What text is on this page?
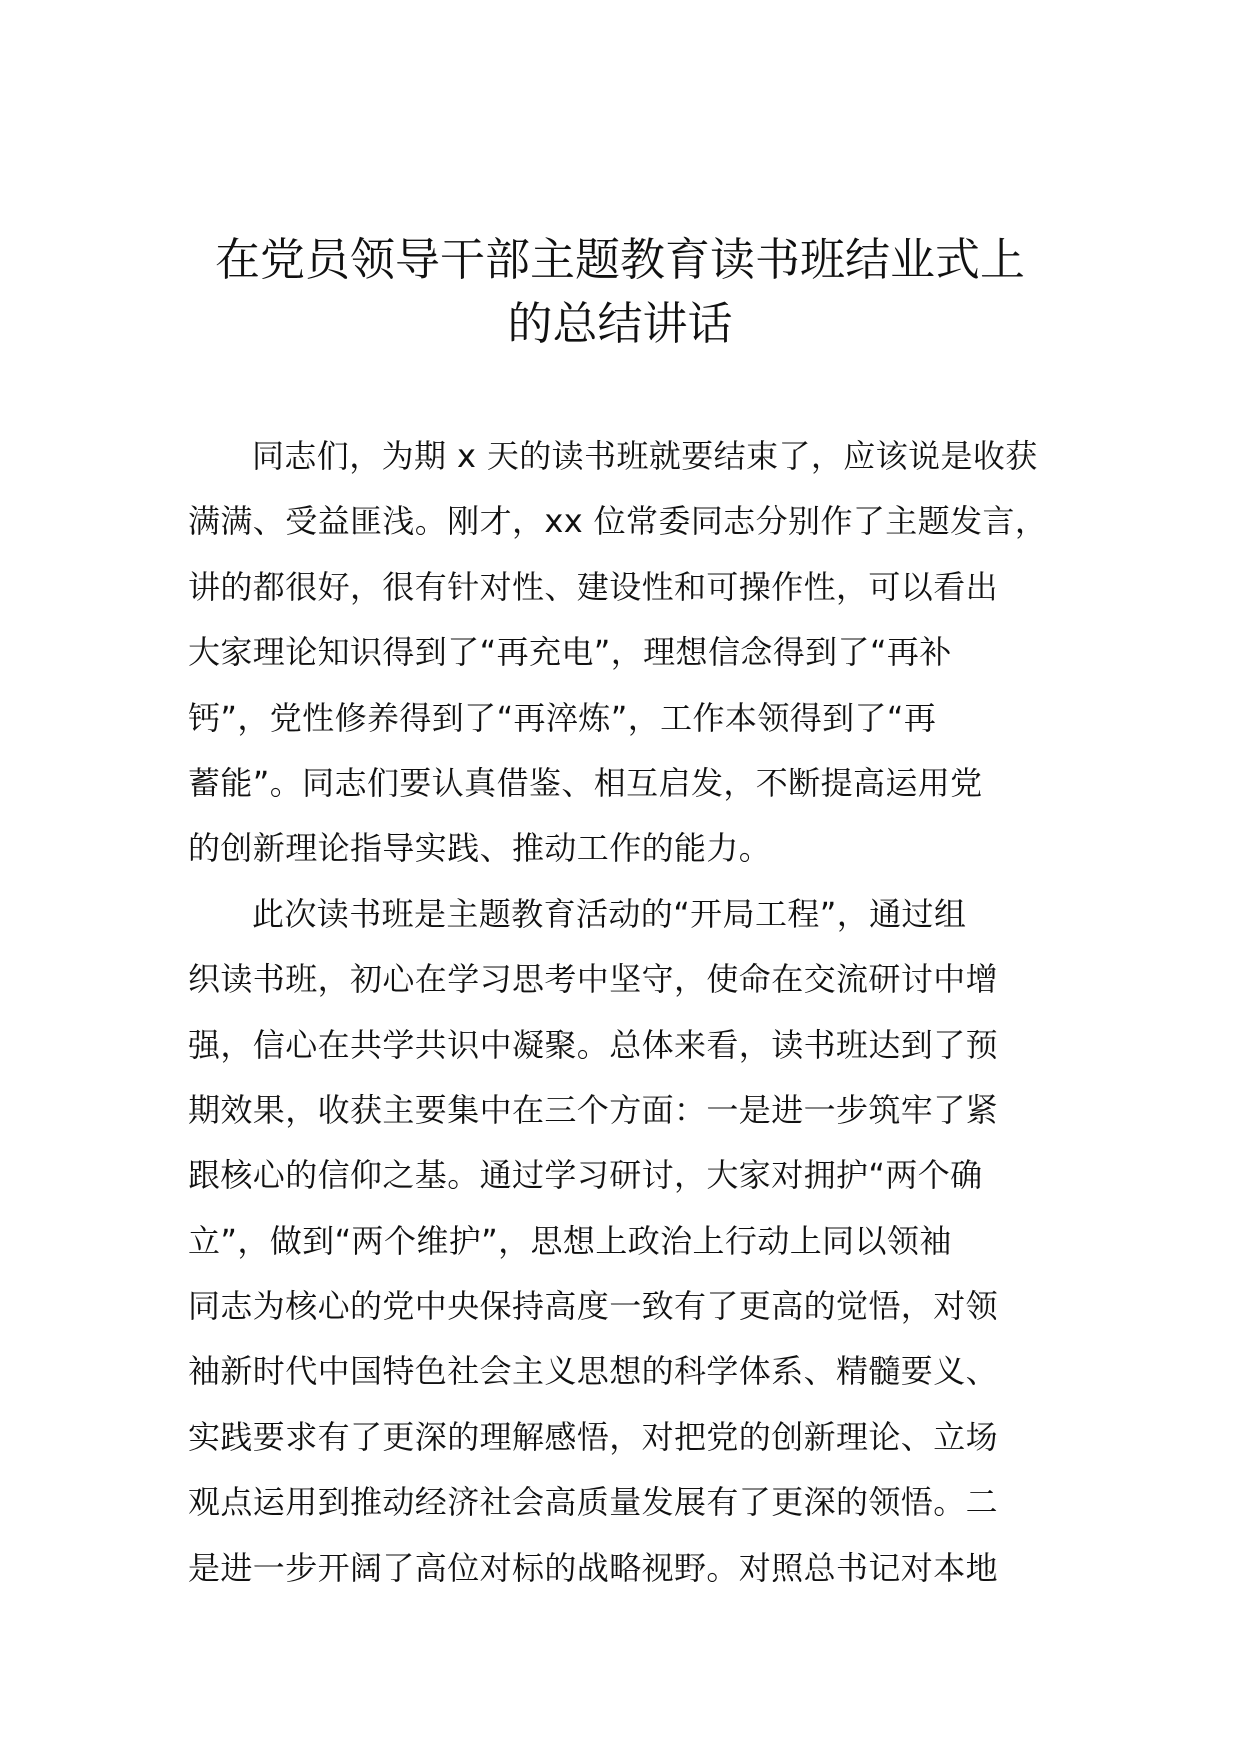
在党员领导干部主题教育读书班结业式上
的总结讲话
同志们，为期 x 天的读书班就要结束了，应该说是收获
满满、受益匪浅。刚才，xx 位常委同志分别作了主题发言，
讲的都很好，很有针对性、建设性和可操作性，可以看出
大家理论知识得到了“再充电”，理想信念得到了“再补
钙”，党性修养得到了“再淬炼”，工作本领得到了“再
蓄能”。同志们要认真借鉴、相互启发，不断提高运用党
的创新理论指导实践、推动工作的能力。
此次读书班是主题教育活动的“开局工程”，通过组
织读书班，初心在学习思考中坚守，使命在交流研讨中增
强，信心在共学共识中凝聚。总体来看，读书班达到了预
期效果，收获主要集中在三个方面：一是进一步筑牢了紧
跟核心的信仰之基。通过学习研讨，大家对拥护“两个确
立”，做到“两个维护”，思想上政治上行动上同以领袖
同志为核心的党中央保持高度一致有了更高的觉悟，对领
袖新时代中国特色社会主义思想的科学体系、精髓要义、
实践要求有了更深的理解感悟，对把党的创新理论、立场
观点运用到推动经济社会高质量发展有了更深的领悟。二
是进一步开阔了高位对标的战略视野。对照总书记对本地
